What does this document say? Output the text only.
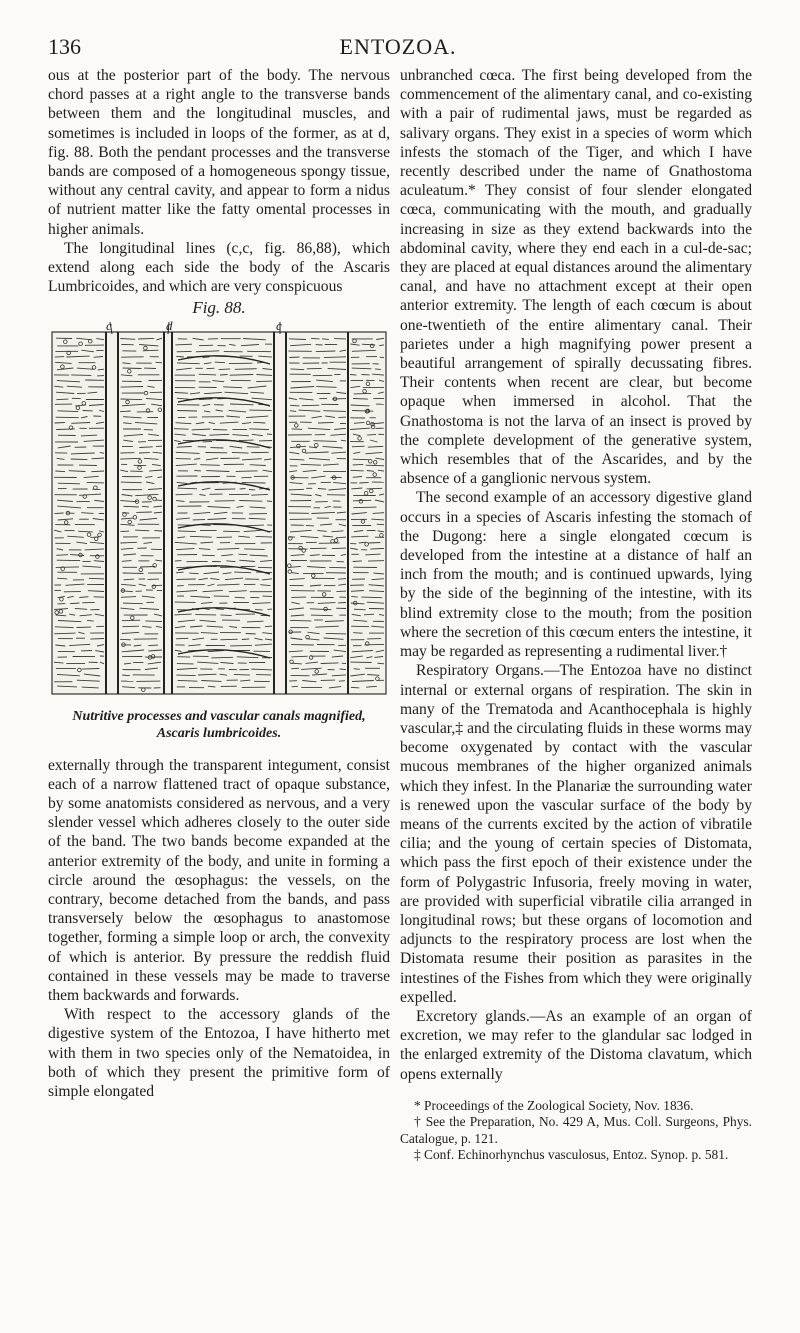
136	ENTOZOA.

ous at the posterior part of the body. The nervous chord passes at a right angle to the transverse bands between them and the longitudinal muscles, and sometimes is included in loops of the former, as at d, fig. 88. Both the pendant processes and the transverse bands are composed of a homogeneous spongy tissue, without any central cavity, and appear to form a nidus of nutrient matter like the fatty omental processes in higher animals.

The longitudinal lines (c,c, fig. 86,88), which extend along each side the body of the Ascaris Lumbricoides, and which are very conspicuous

Fig. 88.
c	d	c
Nutritive processes and vascular canals magnified,
Ascaris lumbricoides.

externally through the transparent integument, consist each of a narrow flattened tract of opaque substance, by some anatomists considered as nervous, and a very slender vessel which adheres closely to the outer side of the band. The two bands become expanded at the anterior extremity of the body, and unite in forming a circle around the œsophagus: the vessels, on the contrary, become detached from the bands, and pass transversely below the œsophagus to anastomose together, forming a simple loop or arch, the convexity of which is anterior. By pressure the reddish fluid contained in these vessels may be made to traverse them backwards and forwards.

With respect to the accessory glands of the digestive system of the Entozoa, I have hitherto met with them in two species only of the Nematoidea, in both of which they present the primitive form of simple elongated

unbranched cœca. The first being developed from the commencement of the alimentary canal, and co-existing with a pair of rudimental jaws, must be regarded as salivary organs. They exist in a species of worm which infests the stomach of the Tiger, and which I have recently described under the name of Gnathostoma aculeatum.* They consist of four slender elongated cœca, communicating with the mouth, and gradually increasing in size as they extend backwards into the abdominal cavity, where they end each in a cul-de-sac; they are placed at equal distances around the alimentary canal, and have no attachment except at their open anterior extremity. The length of each cœcum is about one-twentieth of the entire alimentary canal. Their parietes under a high magnifying power present a beautiful arrangement of spirally decussating fibres. Their contents when recent are clear, but become opaque when immersed in alcohol. That the Gnathostoma is not the larva of an insect is proved by the complete development of the generative system, which resembles that of the Ascarides, and by the absence of a ganglionic nervous system.

The second example of an accessory digestive gland occurs in a species of Ascaris infesting the stomach of the Dugong: here a single elongated cœcum is developed from the intestine at a distance of half an inch from the mouth; and is continued upwards, lying by the side of the beginning of the intestine, with its blind extremity close to the mouth; from the position where the secretion of this cœcum enters the intestine, it may be regarded as representing a rudimental liver.†

Respiratory Organs.—The Entozoa have no distinct internal or external organs of respiration. The skin in many of the Trematoda and Acanthocephala is highly vascular,‡ and the circulating fluids in these worms may become oxygenated by contact with the vascular mucous membranes of the higher organized animals which they infest. In the Planariæ the surrounding water is renewed upon the vascular surface of the body by means of the currents excited by the action of vibratile cilia; and the young of certain species of Distomata, which pass the first epoch of their existence under the form of Polygastric Infusoria, freely moving in water, are provided with superficial vibratile cilia arranged in longitudinal rows; but these organs of locomotion and adjuncts to the respiratory process are lost when the Distomata resume their position as parasites in the intestines of the Fishes from which they were originally expelled.

Excretory glands.—As an example of an organ of excretion, we may refer to the glandular sac lodged in the enlarged extremity of the Distoma clavatum, which opens externally

* Proceedings of the Zoological Society, Nov. 1836.

† See the Preparation, No. 429 A, Mus. Coll. Surgeons, Phys. Catalogue, p. 121.

‡ Conf. Echinorhynchus vasculosus, Entoz. Synop. p. 581.
